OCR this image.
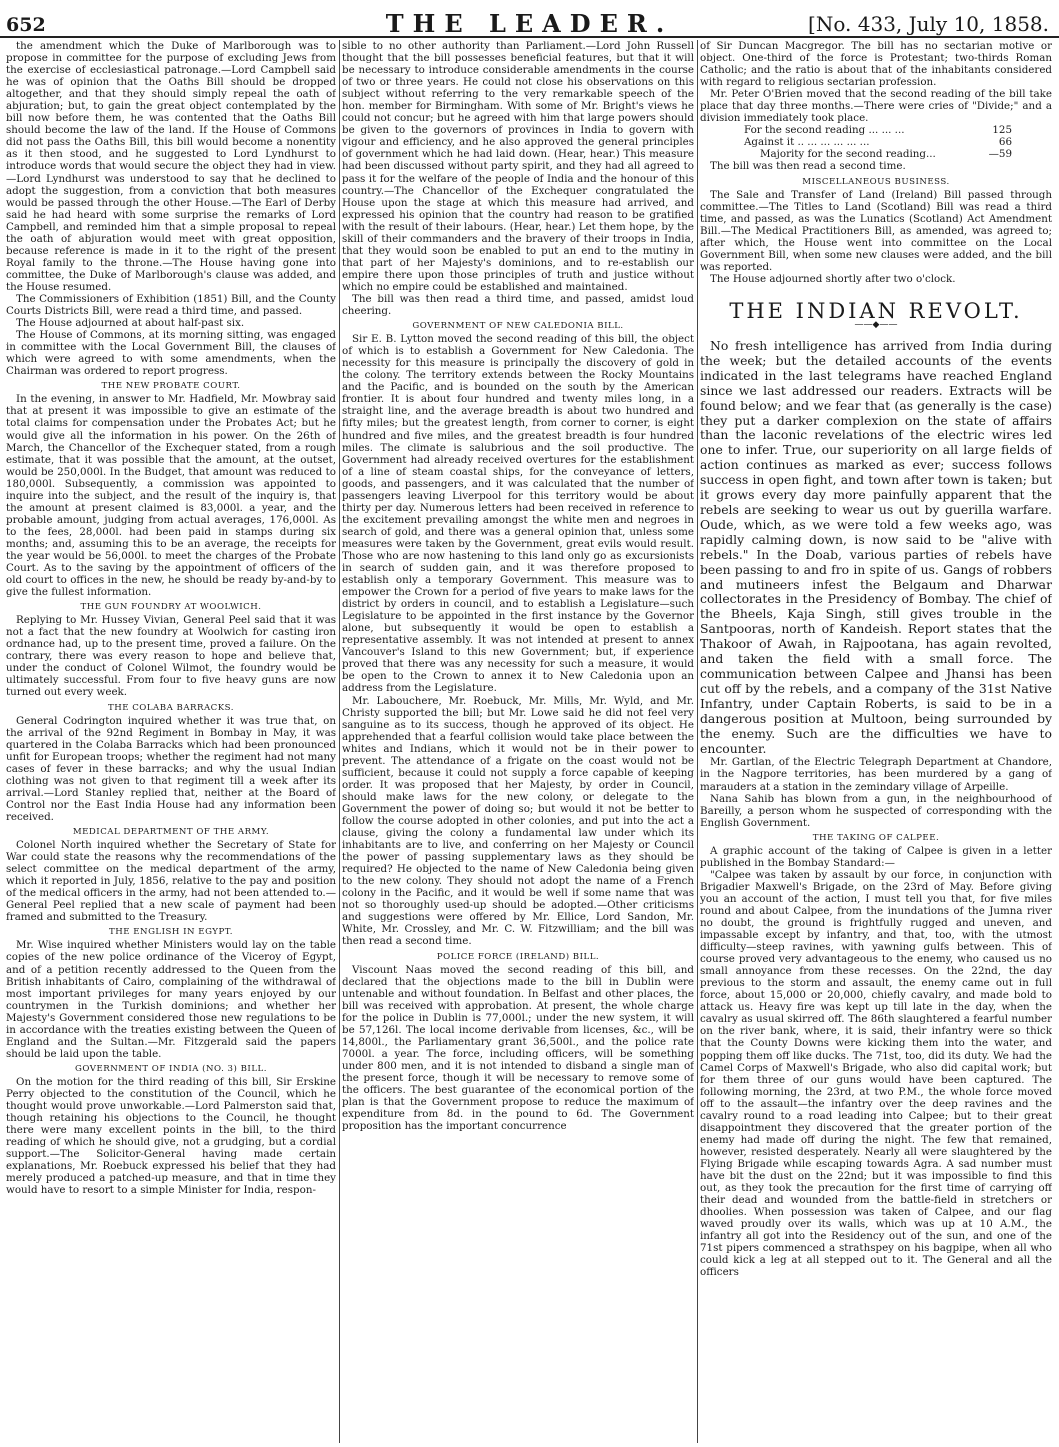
652	THE LEADER.	[No. 433, July 10, 1858.

the amendment which the Duke of Marlborough was to propose in committee for the purpose of excluding Jews from the exercise of ecclesiastical patronage.—Lord Campbell said he was of opinion that the Oaths Bill should be dropped altogether, and that they should simply repeal the oath of abjuration; but, to gain the great object contemplated by the bill now before them, he was contented that the Oaths Bill should become the law of the land. If the House of Commons did not pass the Oaths Bill, this bill would become a nonentity as it then stood, and he suggested to Lord Lyndhurst to introduce words that would secure the object they had in view.—Lord Lyndhurst was understood to say that he declined to adopt the suggestion, from a conviction that both measures would be passed through the other House.—The Earl of Derby said he had heard with some surprise the remarks of Lord Campbell, and reminded him that a simple proposal to repeal the oath of abjuration would meet with great opposition, because reference is made in it to the right of the present Royal family to the throne.—The House having gone into committee, the Duke of Marlborough's clause was added, and the House resumed.

The Commissioners of Exhibition (1851) Bill, and the County Courts Districts Bill, were read a third time, and passed.

The House adjourned at about half-past six.

The House of Commons, at its morning sitting, was engaged in committee with the Local Government Bill, the clauses of which were agreed to with some amendments, when the Chairman was ordered to report progress.

THE NEW PROBATE COURT.

In the evening, in answer to Mr. Hadfield, Mr. Mowbray said that at present it was impossible to give an estimate of the total claims for compensation under the Probates Act; but he would give all the information in his power. On the 26th of March, the Chancellor of the Exchequer stated, from a rough estimate, that it was possible that the amount, at the outset, would be 250,000l. In the Budget, that amount was reduced to 180,000l. Subsequently, a commission was appointed to inquire into the subject, and the result of the inquiry is, that the amount at present claimed is 83,000l. a year, and the probable amount, judging from actual averages, 176,000l. As to the fees, 28,000l. had been paid in stamps during six months; and, assuming this to be an average, the receipts for the year would be 56,000l. to meet the charges of the Probate Court. As to the saving by the appointment of officers of the old court to offices in the new, he should be ready by-and-by to give the fullest information.

THE GUN FOUNDRY AT WOOLWICH.

Replying to Mr. Hussey Vivian, General Peel said that it was not a fact that the new foundry at Woolwich for casting iron ordnance had, up to the present time, proved a failure. On the contrary, there was every reason to hope and believe that, under the conduct of Colonel Wilmot, the foundry would be ultimately successful. From four to five heavy guns are now turned out every week.

THE COLABA BARRACKS.

General Codrington inquired whether it was true that, on the arrival of the 92nd Regiment in Bombay in May, it was quartered in the Colaba Barracks which had been pronounced unfit for European troops; whether the regiment had not many cases of fever in these barracks; and why the usual Indian clothing was not given to that regiment till a week after its arrival.—Lord Stanley replied that, neither at the Board of Control nor the East India House had any information been received.

MEDICAL DEPARTMENT OF THE ARMY.

Colonel North inquired whether the Secretary of State for War could state the reasons why the recommendations of the select committee on the medical department of the army, which it reported in July, 1856, relative to the pay and position of the medical officers in the army, had not been attended to.—General Peel replied that a new scale of payment had been framed and submitted to the Treasury.

THE ENGLISH IN EGYPT.

Mr. Wise inquired whether Ministers would lay on the table copies of the new police ordinance of the Viceroy of Egypt, and of a petition recently addressed to the Queen from the British inhabitants of Cairo, complaining of the withdrawal of most important privileges for many years enjoyed by our countrymen in the Turkish dominions; and whether her Majesty's Government considered those new regulations to be in accordance with the treaties existing between the Queen of England and the Sultan.—Mr. Fitzgerald said the papers should be laid upon the table.

GOVERNMENT OF INDIA (NO. 3) BILL.

On the motion for the third reading of this bill, Sir Erskine Perry objected to the constitution of the Council, which he thought would prove unworkable.—Lord Palmerston said that, though retaining his objections to the Council, he thought there were many excellent points in the bill, to the third reading of which he should give, not a grudging, but a cordial support.—The Solicitor-General having made certain explanations, Mr. Roebuck expressed his belief that they had merely produced a patched-up measure, and that in time they would have to resort to a simple Minister for India, respon-

sible to no other authority than Parliament.—Lord John Russell thought that the bill possesses beneficial features, but that it will be necessary to introduce considerable amendments in the course of two or three years. He could not close his observations on this subject without referring to the very remarkable speech of the hon. member for Birmingham. With some of Mr. Bright's views he could not concur; but he agreed with him that large powers should be given to the governors of provinces in India to govern with vigour and efficiency, and he also approved the general principles of government which he had laid down. (Hear, hear.) This measure had been discussed without party spirit, and they had all agreed to pass it for the welfare of the people of India and the honour of this country.—The Chancellor of the Exchequer congratulated the House upon the stage at which this measure had arrived, and expressed his opinion that the country had reason to be gratified with the result of their labours. (Hear, hear.) Let them hope, by the skill of their commanders and the bravery of their troops in India, that they would soon be enabled to put an end to the mutiny in that part of her Majesty's dominions, and to re-establish our empire there upon those principles of truth and justice without which no empire could be established and maintained.

The bill was then read a third time, and passed, amidst loud cheering.

GOVERNMENT OF NEW CALEDONIA BILL.

Sir E. B. Lytton moved the second reading of this bill, the object of which is to establish a Government for New Caledonia. The necessity for this measure is principally the discovery of gold in the colony. The territory extends between the Rocky Mountains and the Pacific, and is bounded on the south by the American frontier. It is about four hundred and twenty miles long, in a straight line, and the average breadth is about two hundred and fifty miles; but the greatest length, from corner to corner, is eight hundred and five miles, and the greatest breadth is four hundred miles. The climate is salubrious and the soil productive. The Government had already received overtures for the establishment of a line of steam coastal ships, for the conveyance of letters, goods, and passengers, and it was calculated that the number of passengers leaving Liverpool for this territory would be about thirty per day. Numerous letters had been received in reference to the excitement prevailing amongst the white men and negroes in search of gold, and there was a general opinion that, unless some measures were taken by the Government, great evils would result. Those who are now hastening to this land only go as excursionists in search of sudden gain, and it was therefore proposed to establish only a temporary Government. This measure was to empower the Crown for a period of five years to make laws for the district by orders in council, and to establish a Legislature—such Legislature to be appointed in the first instance by the Governor alone, but subsequently it would be open to establish a representative assembly. It was not intended at present to annex Vancouver's Island to this new Government; but, if experience proved that there was any necessity for such a measure, it would be open to the Crown to annex it to New Caledonia upon an address from the Legislature.

Mr. Labouchere, Mr. Roebuck, Mr. Mills, Mr. Wyld, and Mr. Christy supported the bill; but Mr. Lowe said he did not feel very sanguine as to its success, though he approved of its object. He apprehended that a fearful collision would take place between the whites and Indians, which it would not be in their power to prevent. The attendance of a frigate on the coast would not be sufficient, because it could not supply a force capable of keeping order. It was proposed that her Majesty, by order in Council, should make laws for the new colony, or delegate to the Government the power of doing so; but would it not be better to follow the course adopted in other colonies, and put into the act a clause, giving the colony a fundamental law under which its inhabitants are to live, and conferring on her Majesty or Council the power of passing supplementary laws as they should be required? He objected to the name of New Caledonia being given to the new colony. They should not adopt the name of a French colony in the Pacific, and it would be well if some name that was not so thoroughly used-up should be adopted.—Other criticisms and suggestions were offered by Mr. Ellice, Lord Sandon, Mr. White, Mr. Crossley, and Mr. C. W. Fitzwilliam; and the bill was then read a second time.

POLICE FORCE (IRELAND) BILL.

Viscount Naas moved the second reading of this bill, and declared that the objections made to the bill in Dublin were untenable and without foundation. In Belfast and other places, the bill was received with approbation. At present, the whole charge for the police in Dublin is 77,000l.; under the new system, it will be 57,126l. The local income derivable from licenses, &c., will be 14,800l., the Parliamentary grant 36,500l., and the police rate 7000l. a year. The force, including officers, will be something under 800 men, and it is not intended to disband a single man of the present force, though it will be necessary to remove some of the officers. The best guarantee of the economical portion of the plan is that the Government propose to reduce the maximum of expenditure from 8d. in the pound to 6d. The Government proposition has the important concurrence

of Sir Duncan Macgregor. The bill has no sectarian motive or object. One-third of the force is Protestant; two-thirds Roman Catholic; and the ratio is about that of the inhabitants considered with regard to religious sectarian profession.

Mr. Peter O'Brien moved that the second reading of the bill take place that day three months.—There were cries of "Divide;" and a division immediately took place.

For the second reading ... ... ...	125
Against it .. ... ... ... ... ...	66
Majority for the second reading...	—59

The bill was then read a second time.

MISCELLANEOUS BUSINESS.

The Sale and Transfer of Land (Ireland) Bill passed through committee.—The Titles to Land (Scotland) Bill was read a third time, and passed, as was the Lunatics (Scotland) Act Amendment Bill.—The Medical Practitioners Bill, as amended, was agreed to; after which, the House went into committee on the Local Government Bill, when some new clauses were added, and the bill was reported.

The House adjourned shortly after two o'clock.

THE INDIAN REVOLT.
——◆——

No fresh intelligence has arrived from India during the week; but the detailed accounts of the events indicated in the last telegrams have reached England since we last addressed our readers. Extracts will be found below; and we fear that (as generally is the case) they put a darker complexion on the state of affairs than the laconic revelations of the electric wires led one to infer. True, our superiority on all large fields of action continues as marked as ever; success follows success in open fight, and town after town is taken; but it grows every day more painfully apparent that the rebels are seeking to wear us out by guerilla warfare. Oude, which, as we were told a few weeks ago, was rapidly calming down, is now said to be "alive with rebels." In the Doab, various parties of rebels have been passing to and fro in spite of us. Gangs of robbers and mutineers infest the Belgaum and Dharwar collectorates in the Presidency of Bombay. The chief of the Bheels, Kaja Singh, still gives trouble in the Santpooras, north of Kandeish. Report states that the Thakoor of Awah, in Rajpootana, has again revolted, and taken the field with a small force. The communication between Calpee and Jhansi has been cut off by the rebels, and a company of the 31st Native Infantry, under Captain Roberts, is said to be in a dangerous position at Multoon, being surrounded by the enemy. Such are the difficulties we have to encounter.

Mr. Gartlan, of the Electric Telegraph Department at Chandore, in the Nagpore territories, has been murdered by a gang of marauders at a station in the zemindary village of Arpeille.

Nana Sahib has blown from a gun, in the neighbourhood of Bareilly, a person whom he suspected of corresponding with the English Government.

THE TAKING OF CALPEE.

A graphic account of the taking of Calpee is given in a letter published in the Bombay Standard:—

"Calpee was taken by assault by our force, in conjunction with Brigadier Maxwell's Brigade, on the 23rd of May. Before giving you an account of the action, I must tell you that, for five miles round and about Calpee, from the inundations of the Jumna river no doubt, the ground is frightfully rugged and uneven, and impassable except by infantry, and that, too, with the utmost difficulty—steep ravines, with yawning gulfs between. This of course proved very advantageous to the enemy, who caused us no small annoyance from these recesses. On the 22nd, the day previous to the storm and assault, the enemy came out in full force, about 15,000 or 20,000, chiefly cavalry, and made bold to attack us. Heavy fire was kept up till late in the day, when the cavalry as usual skirred off. The 86th slaughtered a fearful number on the river bank, where, it is said, their infantry were so thick that the County Downs were kicking them into the water, and popping them off like ducks. The 71st, too, did its duty. We had the Camel Corps of Maxwell's Brigade, who also did capital work; but for them three of our guns would have been captured. The following morning, the 23rd, at two P.M., the whole force moved off to the assault—the infantry over the deep ravines and the cavalry round to a road leading into Calpee; but to their great disappointment they discovered that the greater portion of the enemy had made off during the night. The few that remained, however, resisted desperately. Nearly all were slaughtered by the Flying Brigade while escaping towards Agra. A sad number must have bit the dust on the 22nd; but it was impossible to find this out, as they took the precaution for the first time of carrying off their dead and wounded from the battle-field in stretchers or dhoolies. When possession was taken of Calpee, and our flag waved proudly over its walls, which was up at 10 A.M., the infantry all got into the Residency out of the sun, and one of the 71st pipers commenced a strathspey on his bagpipe, when all who could kick a leg at all stepped out to it. The General and all the officers
